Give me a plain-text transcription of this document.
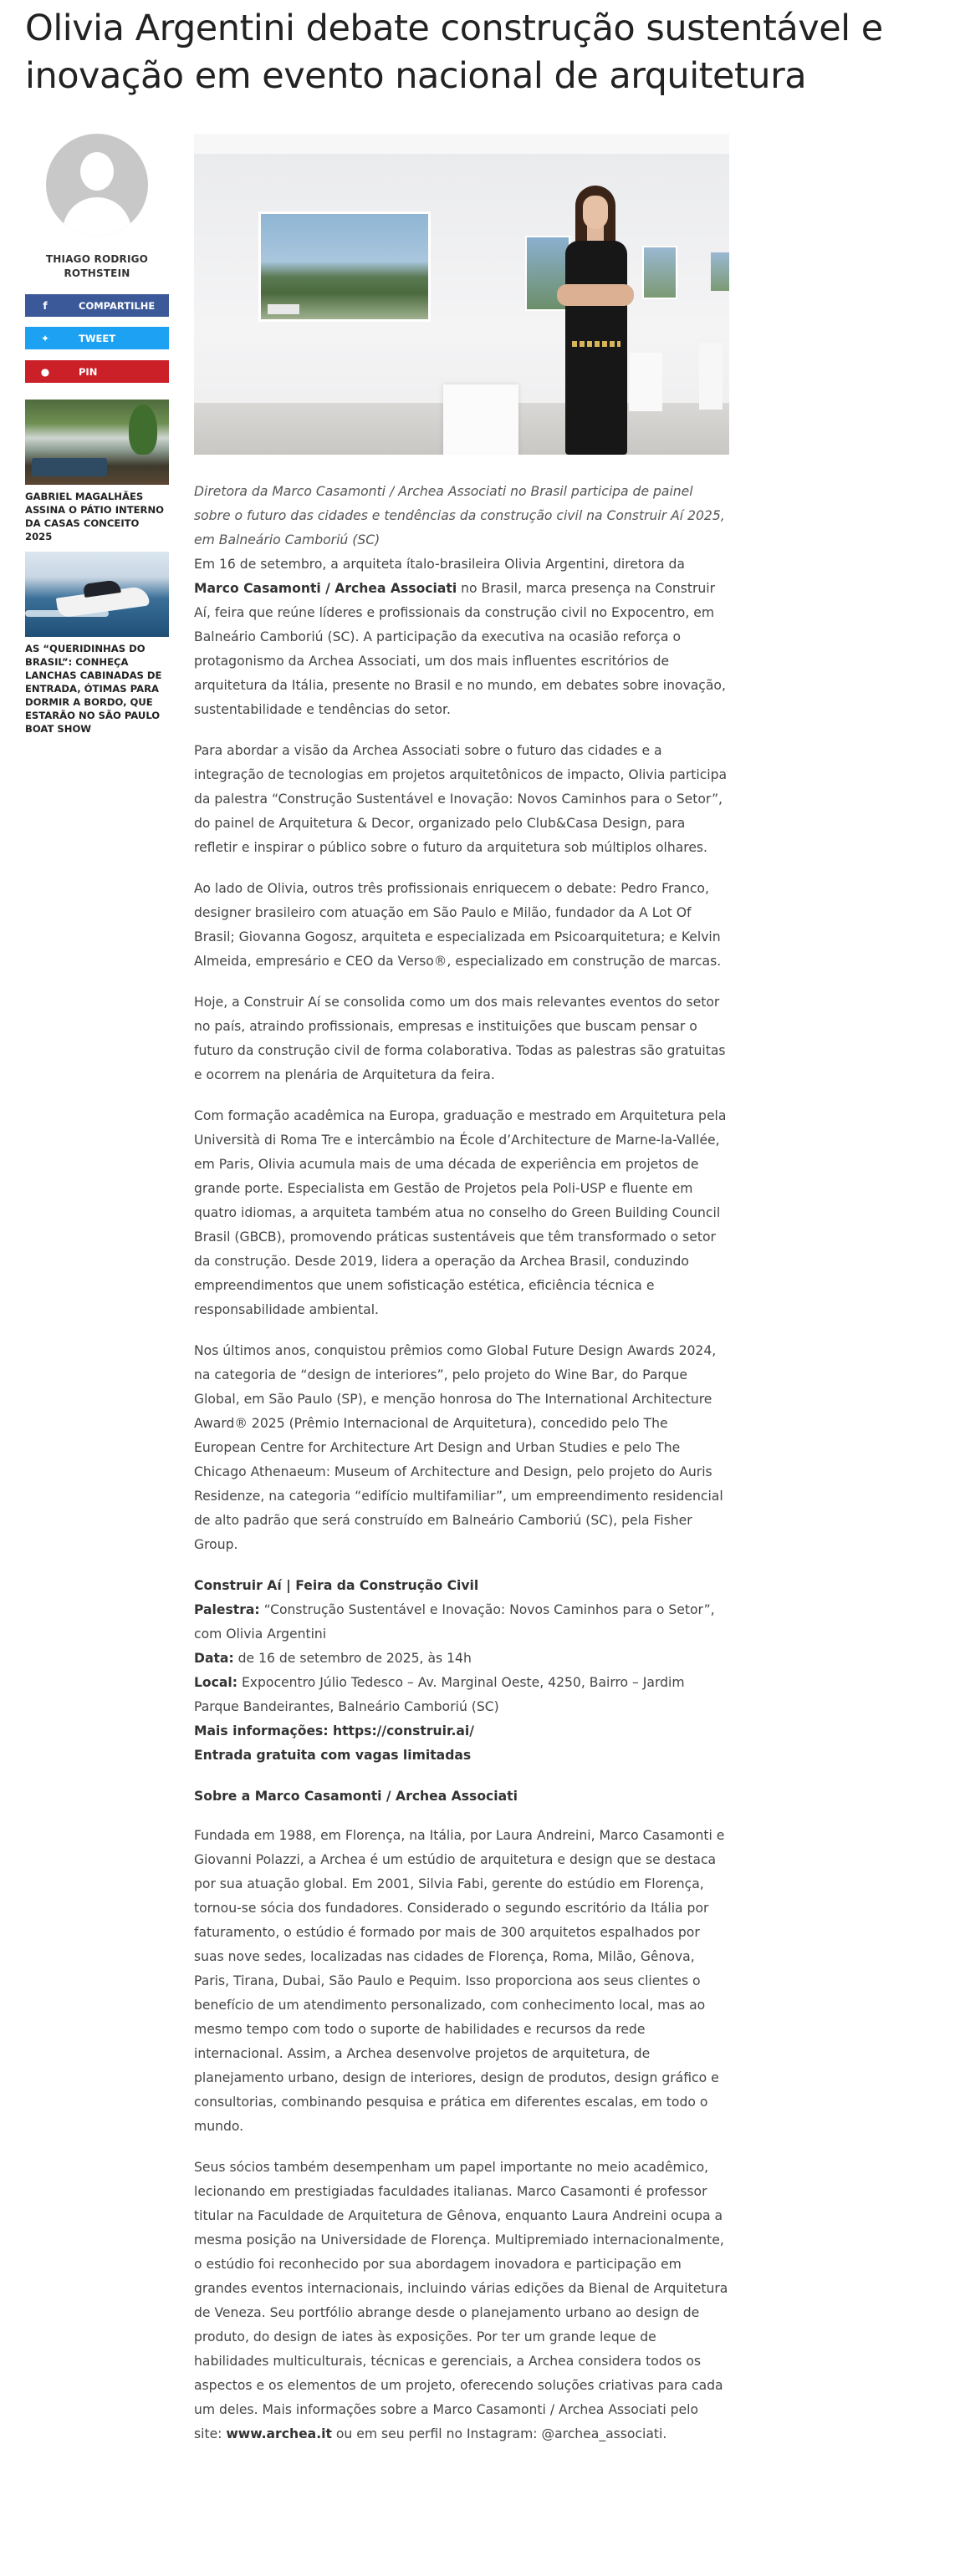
Olivia Argentini debate construção sustentável e inovação em evento nacional de arquitetura
THIAGO RODRIGO ROTHSTEIN
f	COMPARTILHE
✦	TWEET
●	PIN
GABRIEL MAGALHÃES ASSINA O PÁTIO INTERNO DA CASAS CONCEITO 2025
AS “QUERIDINHAS DO BRASIL”: CONHEÇA LANCHAS CABINADAS DE ENTRADA, ÓTIMAS PARA DORMIR A BORDO, QUE ESTARÃO NO SÃO PAULO BOAT SHOW

Diretora da Marco Casamonti / Archea Associati no Brasil participa de painel sobre o futuro das cidades e tendências da construção civil na Construir Aí 2025, em Balneário Camboriú (SC)

Em 16 de setembro, a arquiteta ítalo-brasileira Olivia Argentini, diretora da Marco Casamonti / Archea Associati no Brasil, marca presença na Construir Aí, feira que reúne líderes e profissionais da construção civil no Expocentro, em Balneário Camboriú (SC). A participação da executiva na ocasião reforça o protagonismo da Archea Associati, um dos mais influentes escritórios de arquitetura da Itália, presente no Brasil e no mundo, em debates sobre inovação, sustentabilidade e tendências do setor.

Para abordar a visão da Archea Associati sobre o futuro das cidades e a integração de tecnologias em projetos arquitetônicos de impacto, Olivia participa da palestra “Construção Sustentável e Inovação: Novos Caminhos para o Setor”, do painel de Arquitetura & Decor, organizado pelo Club&Casa Design, para refletir e inspirar o público sobre o futuro da arquitetura sob múltiplos olhares.

Ao lado de Olivia, outros três profissionais enriquecem o debate: Pedro Franco, designer brasileiro com atuação em São Paulo e Milão, fundador da A Lot Of Brasil; Giovanna Gogosz, arquiteta e especializada em Psicoarquitetura; e Kelvin Almeida, empresário e CEO da Verso®, especializado em construção de marcas.

Hoje, a Construir Aí se consolida como um dos mais relevantes eventos do setor no país, atraindo profissionais, empresas e instituições que buscam pensar o futuro da construção civil de forma colaborativa. Todas as palestras são gratuitas e ocorrem na plenária de Arquitetura da feira.

Com formação acadêmica na Europa, graduação e mestrado em Arquitetura pela Università di Roma Tre e intercâmbio na École d’Architecture de Marne-la-Vallée, em Paris, Olivia acumula mais de uma década de experiência em projetos de grande porte. Especialista em Gestão de Projetos pela Poli-USP e fluente em quatro idiomas, a arquiteta também atua no conselho do Green Building Council Brasil (GBCB), promovendo práticas sustentáveis que têm transformado o setor da construção. Desde 2019, lidera a operação da Archea Brasil, conduzindo empreendimentos que unem sofisticação estética, eficiência técnica e responsabilidade ambiental.

Nos últimos anos, conquistou prêmios como Global Future Design Awards 2024, na categoria de “design de interiores”, pelo projeto do Wine Bar, do Parque Global, em São Paulo (SP), e menção honrosa do The International Architecture Award® 2025 (Prêmio Internacional de Arquitetura), concedido pelo The European Centre for Architecture Art Design and Urban Studies e pelo The Chicago Athenaeum: Museum of Architecture and Design, pelo projeto do Auris Residenze, na categoria “edifício multifamiliar”, um empreendimento residencial de alto padrão que será construído em Balneário Camboriú (SC), pela Fisher Group.

Construir Aí | Feira da Construção Civil
Palestra: “Construção Sustentável e Inovação: Novos Caminhos para o Setor”, com Olivia Argentini
Data: de 16 de setembro de 2025, às 14h
Local: Expocentro Júlio Tedesco – Av. Marginal Oeste, 4250, Bairro – Jardim Parque Bandeirantes, Balneário Camboriú (SC)
Mais informações: https://construir.ai/
Entrada gratuita com vagas limitadas

Sobre a Marco Casamonti / Archea Associati

Fundada em 1988, em Florença, na Itália, por Laura Andreini, Marco Casamonti e Giovanni Polazzi, a Archea é um estúdio de arquitetura e design que se destaca por sua atuação global. Em 2001, Silvia Fabi, gerente do estúdio em Florença, tornou-se sócia dos fundadores. Considerado o segundo escritório da Itália por faturamento, o estúdio é formado por mais de 300 arquitetos espalhados por suas nove sedes, localizadas nas cidades de Florença, Roma, Milão, Gênova, Paris, Tirana, Dubai, São Paulo e Pequim. Isso proporciona aos seus clientes o benefício de um atendimento personalizado, com conhecimento local, mas ao mesmo tempo com todo o suporte de habilidades e recursos da rede internacional. Assim, a Archea desenvolve projetos de arquitetura, de planejamento urbano, design de interiores, design de produtos, design gráfico e consultorias, combinando pesquisa e prática em diferentes escalas, em todo o mundo.

Seus sócios também desempenham um papel importante no meio acadêmico, lecionando em prestigiadas faculdades italianas. Marco Casamonti é professor titular na Faculdade de Arquitetura de Gênova, enquanto Laura Andreini ocupa a mesma posição na Universidade de Florença. Multipremiado internacionalmente, o estúdio foi reconhecido por sua abordagem inovadora e participação em grandes eventos internacionais, incluindo várias edições da Bienal de Arquitetura de Veneza. Seu portfólio abrange desde o planejamento urbano ao design de produto, do design de iates às exposições. Por ter um grande leque de habilidades multiculturais, técnicas e gerenciais, a Archea considera todos os aspectos e os elementos de um projeto, oferecendo soluções criativas para cada um deles. Mais informações sobre a Marco Casamonti / Archea Associati pelo site: www.archea.it ou em seu perfil no Instagram: @archea_associati.
